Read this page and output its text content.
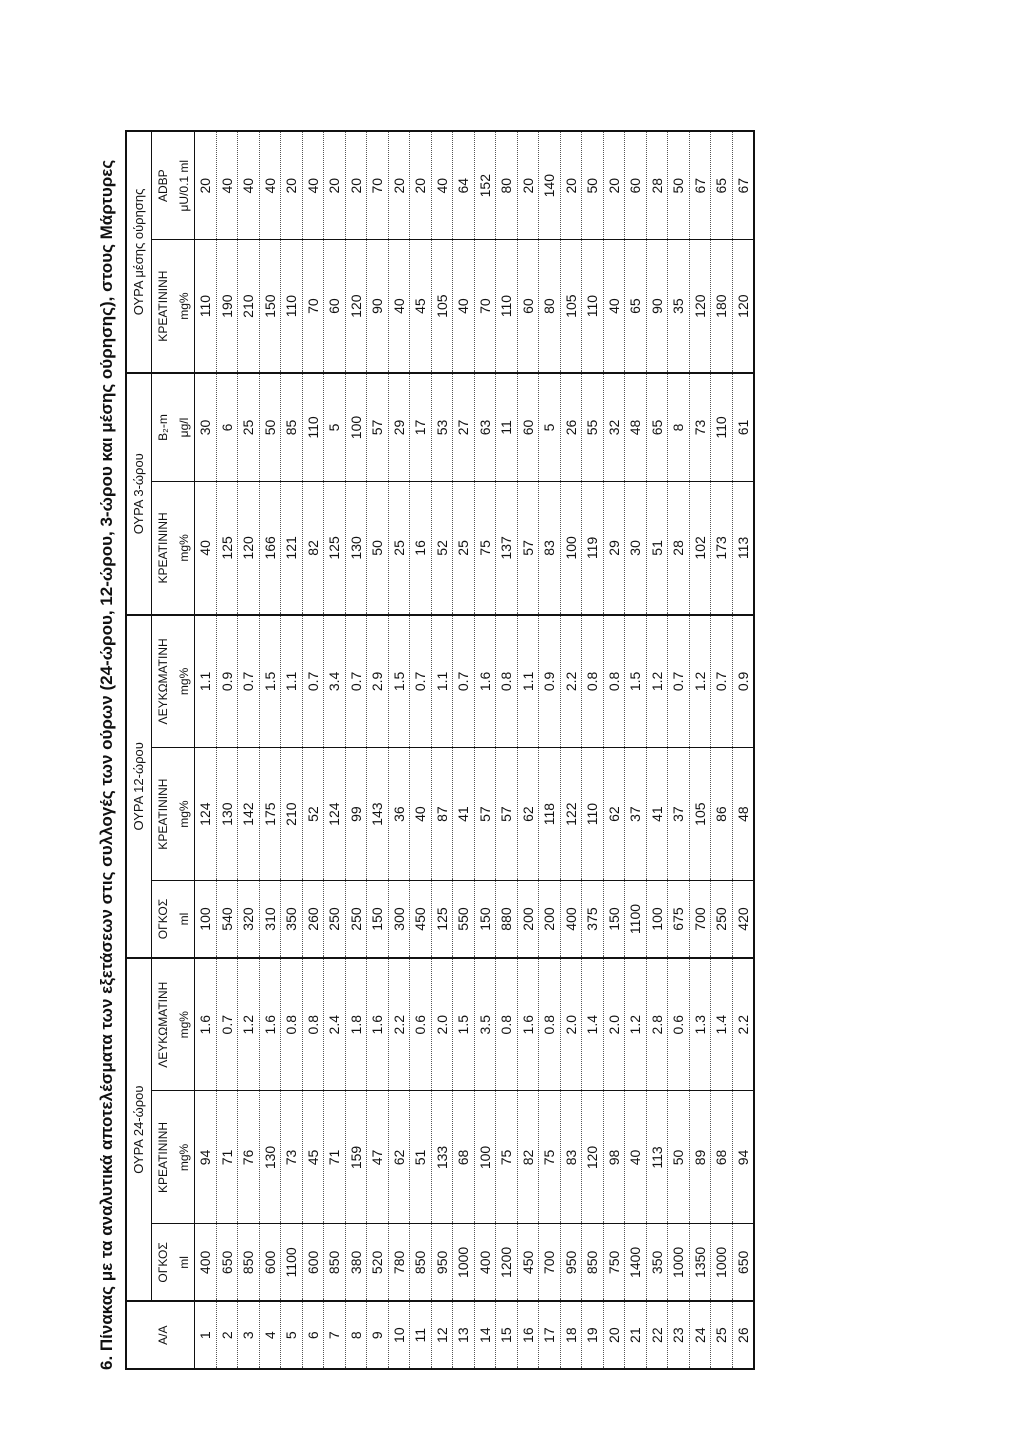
6. Πίνακας με τα αναλυτικά αποτελέσματα των εξετάσεων στις συλλογές των ούρων (24-ώρου, 12-ώρου, 3-ώρου και μέσης ούρησης), στους Μάρτυρες
	ΟΥΡΑ 24-ώρου			ΟΥΡΑ 12-ώρου			ΟΥΡΑ 3-ώρου		ΟΥΡΑ μέσης ούρησης	
Α/Α	ΟΓΚΟΣ	ΚΡΕΑΤΙΝΙΝΗ	ΛΕΥΚΩΜΑΤΙΝΗ	ΟΓΚΟΣ	ΚΡΕΑΤΙΝΙΝΗ	ΛΕΥΚΩΜΑΤΙΝΗ	ΚΡΕΑΤΙΝΙΝΗ	B₂-m	ΚΡΕΑΤΙΝΙΝΗ	ADBP
	ml	mg%	mg%	ml	mg%	mg%	mg%	μg/l	mg%	μU/0.1 ml
1	400	94	1.6	100	124	1.1	40	30	110	20
2	650	71	0.7	540	130	0.9	125	6	190	40
3	850	76	1.2	320	142	0.7	120	25	210	40
4	600	130	1.6	310	175	1.5	166	50	150	40
5	1100	73	0.8	350	210	1.1	121	85	110	20
6	600	45	0.8	260	52	0.7	82	110	70	40
7	850	71	2.4	250	124	3.4	125	5	60	20
8	380	159	1.8	250	99	0.7	130	100	120	20
9	520	47	1.6	150	143	2.9	50	57	90	70
10	780	62	2.2	300	36	1.5	25	29	40	20
11	850	51	0.6	450	40	0.7	16	17	45	20
12	950	133	2.0	125	87	1.1	52	53	105	40
13	1000	68	1.5	550	41	0.7	25	27	40	64
14	400	100	3.5	150	57	1.6	75	63	70	152
15	1200	75	0.8	880	57	0.8	137	11	110	80
16	450	82	1.6	200	62	1.1	57	60	60	20
17	700	75	0.8	200	118	0.9	83	5	80	140
18	950	83	2.0	400	122	2.2	100	26	105	20
19	850	120	1.4	375	110	0.8	119	55	110	50
20	750	98	2.0	150	62	0.8	29	32	40	20
21	1400	40	1.2	1100	37	1.5	30	48	65	60
22	350	113	2.8	100	41	1.2	51	65	90	28
23	1000	50	0.6	675	37	0.7	28	8	35	50
24	1350	89	1.3	700	105	1.2	102	73	120	67
25	1000	68	1.4	250	86	0.7	173	110	180	65
26	650	94	2.2	420	48	0.9	113	61	120	67
